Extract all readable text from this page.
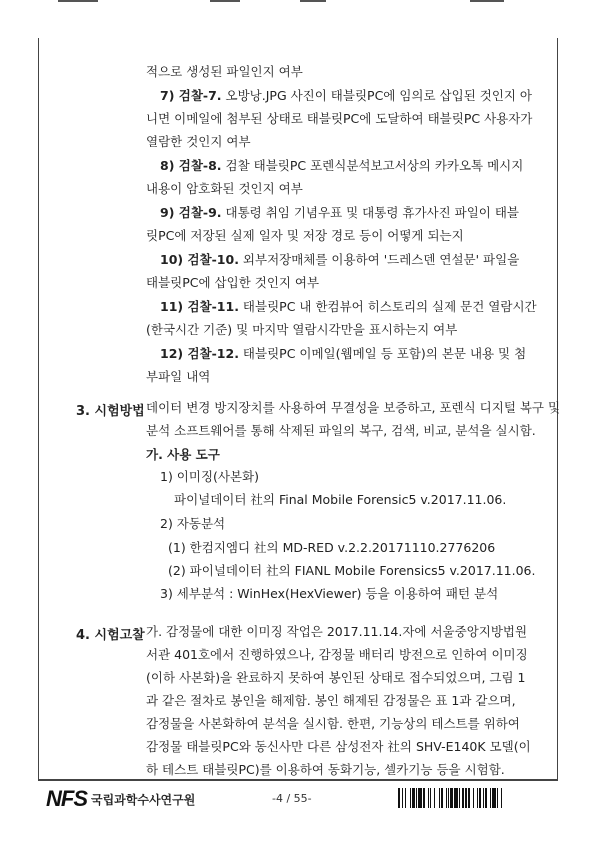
적으로 생성된 파일인지 여부
7) 검찰-7. 오방낭.JPG 사진이 태블릿PC에 임의로 삽입된 것인지 아
니면 이메일에 첨부된 상태로 태블릿PC에 도달하여 태블릿PC 사용자가
열람한 것인지 여부
8) 검찰-8. 검찰 태블릿PC 포렌식분석보고서상의 카카오톡 메시지
내용이 암호화된 것인지 여부
9) 검찰-9. 대통령 취임 기념우표 및 대통령 휴가사진 파일이 태블
릿PC에 저장된 실제 일자 및 저장 경로 등이 어떻게 되는지
10) 검찰-10. 외부저장매체를 이용하여 '드레스덴 연설문' 파일을
태블릿PC에 삽입한 것인지 여부
11) 검찰-11. 태블릿PC 내 한컴뷰어 히스토리의 실제 문건 열람시간
(한국시간 기준) 및 마지막 열람시각만을 표시하는지 여부
12) 검찰-12. 태블릿PC 이메일(웹메일 등 포함)의 본문 내용 및 첨
부파일 내역
3. 시험방법 데이터 변경 방지장치를 사용하여 무결성을 보증하고, 포렌식 디지털 복구 및
분석 소프트웨어를 통해 삭제된 파일의 복구, 검색, 비교, 분석을 실시함.
가. 사용 도구
1) 이미징(사본화)
파이널데이터 社의 Final Mobile Forensic5 v.2017.11.06.
2) 자동분석
(1) 한컴지엠디 社의 MD-RED v.2.2.20171110.2776206
(2) 파이널데이터 社의 FIANL Mobile Forensics5 v.2017.11.06.
3) 세부분석 : WinHex(HexViewer) 등을 이용하여 패턴 분석
4. 시험고찰 가. 감정물에 대한 이미징 작업은 2017.11.14.자에 서울중앙지방법원
서관 401호에서 진행하였으나, 감정물 배터리 방전으로 인하여 이미징
(이하 사본화)을 완료하지 못하여 봉인된 상태로 접수되었으며, 그림 1
과 같은 절차로 봉인을 해제함. 봉인 해제된 감정물은 표 1과 같으며,
감정물을 사본화하여 분석을 실시함. 한편, 기능상의 테스트를 위하여
감정물 태블릿PC와 동신사만 다른 삼성전자 社의 SHV-E140K 모델(이
하 테스트 태블릿PC)를 이용하여 동화기능, 셀카기능 등을 시험함.
NFS 국립과학수사연구원	-4 / 55-
